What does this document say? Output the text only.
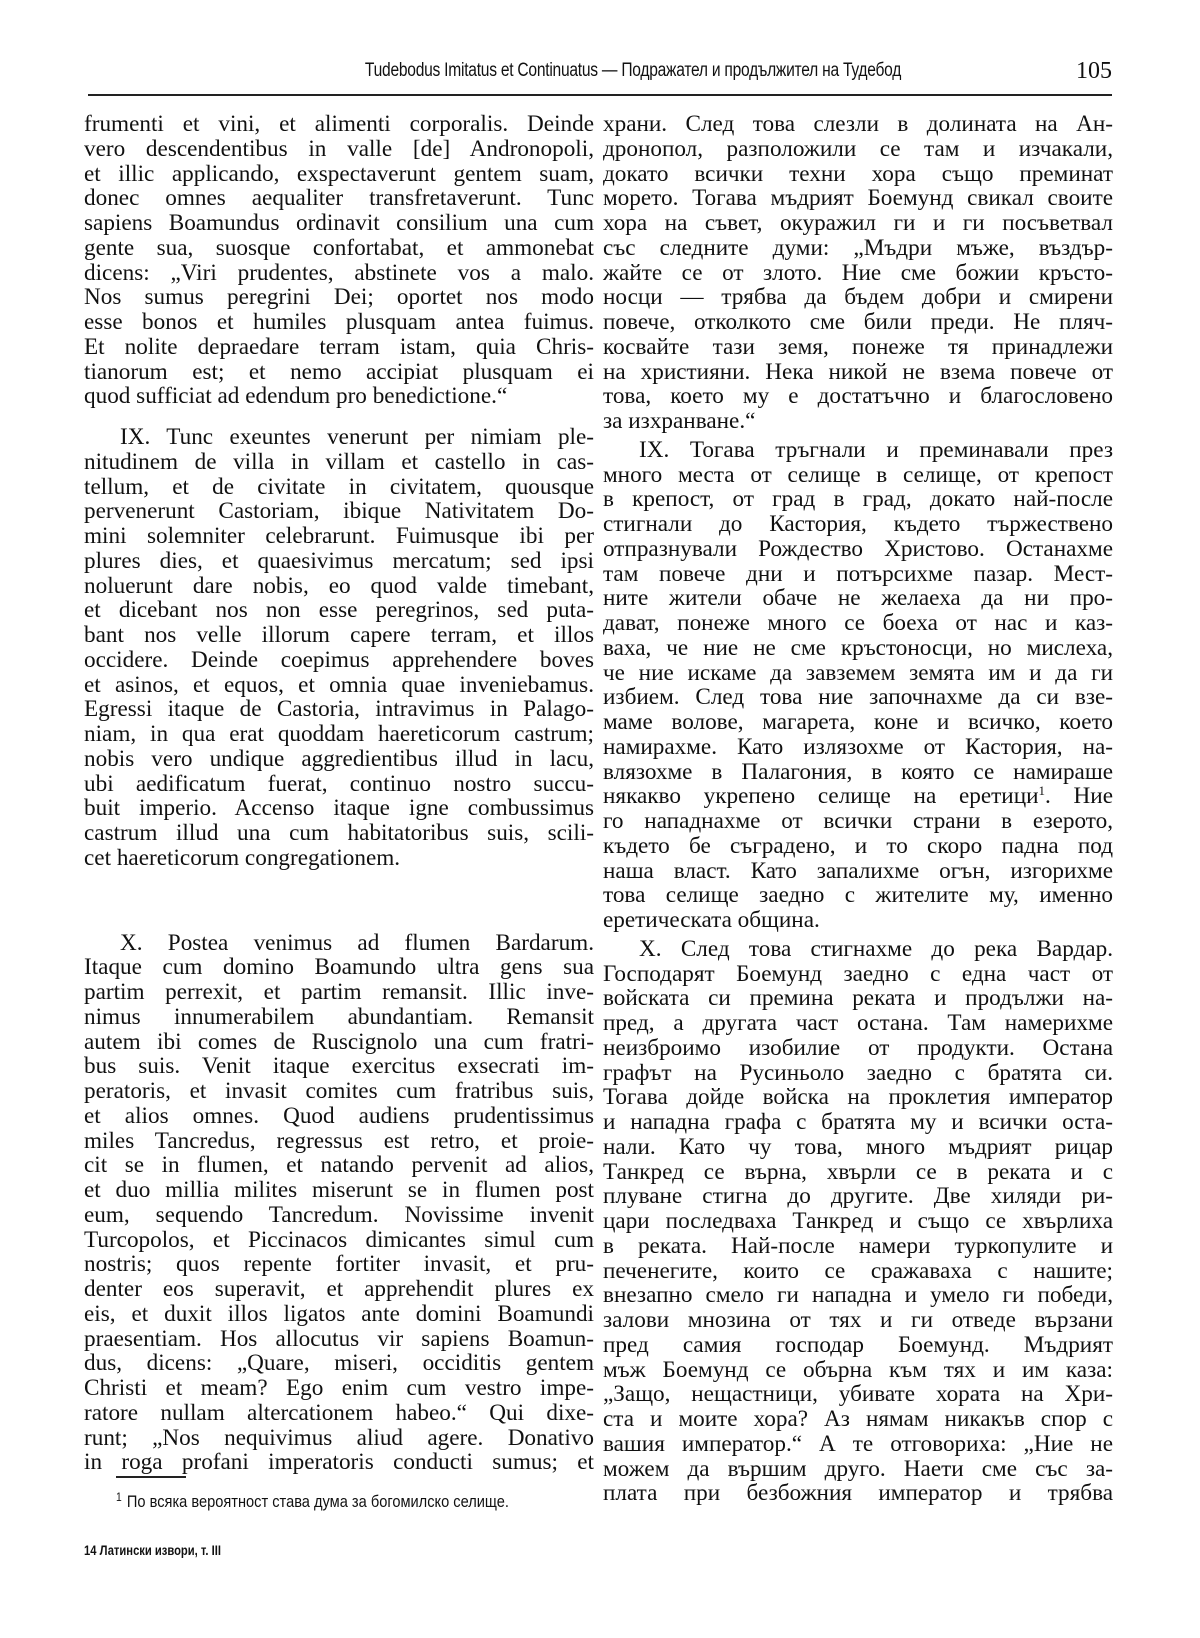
Tudebodus Imitatus et Continuatus — Подражател и продължител на Тудебод	105
frumenti et vini, et alimenti corporalis. Deinde
vero descendentibus in valle [de] Andronopoli,
et illic applicando, exspectaverunt gentem suam,
donec omnes aequaliter transfretaverunt. Tunc
sapiens Boamundus ordinavit consilium una cum
gente sua, suosque confortabat, et ammonebat
dicens: „Viri prudentes, abstinete vos a malo.
Nos sumus peregrini Dei; oportet nos modo
esse bonos et humiles plusquam antea fuimus.
Et nolite depraedare terram istam, quia Chris-
tianorum est; et nemo accipiat plusquam ei
quod sufficiat ad edendum pro benedictione.“
IX. Tunc exeuntes venerunt per nimiam ple-
nitudinem de villa in villam et castello in cas-
tellum, et de civitate in civitatem, quousque
pervenerunt Castoriam, ibique Nativitatem Do-
mini solemniter celebrarunt. Fuimusque ibi per
plures dies, et quaesivimus mercatum; sed ipsi
noluerunt dare nobis, eo quod valde timebant,
et dicebant nos non esse peregrinos, sed puta-
bant nos velle illorum capere terram, et illos
occidere. Deinde coepimus apprehendere boves
et asinos, et equos, et omnia quae inveniebamus.
Egressi itaque de Castoria, intravimus in Palago-
niam, in qua erat quoddam haereticorum castrum;
nobis vero undique aggredientibus illud in lacu,
ubi aedificatum fuerat, continuo nostro succu-
buit imperio. Accenso itaque igne combussimus
castrum illud una cum habitatoribus suis, scili-
cet haereticorum congregationem.
X. Postea venimus ad flumen Bardarum.
Itaque cum domino Boamundo ultra gens sua
partim perrexit, et partim remansit. Illic inve-
nimus innumerabilem abundantiam. Remansit
autem ibi comes de Ruscignolo una cum fratri-
bus suis. Venit itaque exercitus exsecrati im-
peratoris, et invasit comites cum fratribus suis,
et alios omnes. Quod audiens prudentissimus
miles Tancredus, regressus est retro, et proie-
cit se in flumen, et natando pervenit ad alios,
et duo millia milites miserunt se in flumen post
eum, sequendo Tancredum. Novissime invenit
Turcopolos, et Piccinacos dimicantes simul cum
nostris; quos repente fortiter invasit, et pru-
denter eos superavit, et apprehendit plures ex
eis, et duxit illos ligatos ante domini Boamundi
praesentiam. Hos allocutus vir sapiens Boamun-
dus, dicens: „Quare, miseri, occiditis gentem
Christi et meam? Ego enim cum vestro impe-
ratore nullam altercationem habeo.“ Qui dixe-
runt; „Nos nequivimus aliud agere. Donativo
in roga profani imperatoris conducti sumus; et
храни. След това слезли в долината на Ан-
дронопол, разположили се там и изчакали,
докато всички техни хора също преминат
морето. Тогава мъдрият Боемунд свикал своите
хора на съвет, окуражил ги и ги посъветвал
със следните думи: „Мъдри мъже, въздър-
жайте се от злото. Ние сме божии кръсто-
носци — трябва да бъдем добри и смирени
повече, отколкото сме били преди. Не пляч-
косвайте тази земя, понеже тя принадлежи
на християни. Нека никой не взема повече от
това, което му е достатъчно и благословено
за изхранване.“
IX. Тогава тръгнали и преминавали през
много места от селище в селище, от крепост
в крепост, от град в град, докато най-после
стигнали до Кастория, където тържествено
отпразнували Рождество Христово. Останахме
там повече дни и потърсихме пазар. Мест-
ните жители обаче не желаеха да ни про-
дават, понеже много се боеха от нас и каз-
ваха, че ние не сме кръстоносци, но мислеха,
че ние искаме да завземем земята им и да ги
избием. След това ние започнахме да си взе-
маме волове, магарета, коне и всичко, което
намирахме. Като излязохме от Кастория, на-
влязохме в Палагония, в която се намираше
някакво укрепено селище на еретици$^1$. Ние
го нападнахме от всички страни в езерото,
където бе съградено, и то скоро падна под
наша власт. Като запалихме огън, изгорихме
това селище заедно с жителите му, именно
еретическата община.
X. След това стигнахме до река Вардар.
Господарят Боемунд заедно с една част от
войската си премина реката и продължи на-
пред, а другата част остана. Там намерихме
неизброимо изобилие от продукти. Остана
графът на Русиньоло заедно с братята си.
Тогава дойде войска на проклетия император
и нападна графа с братята му и всички оста-
нали. Като чу това, много мъдрият рицар
Танкред се върна, хвърли се в реката и с
плуване стигна до другите. Две хиляди ри-
цари последваха Танкред и също се хвърлиха
в реката. Най-после намери туркопулите и
печенегите, които се сражаваха с нашите;
внезапно смело ги нападна и умело ги победи,
залови мнозина от тях и ги отведе вързани
пред самия господар Боемунд. Мъдрият
мъж Боемунд се обърна към тях и им каза:
„Защо, нещастници, убивате хората на Хри-
ста и моите хора? Аз нямам никакъв спор с
вашия император.“ А те отговориха: „Ние не
можем да вършим друго. Наети сме със за-
плата при безбожния император и трябва
$^1$ По всяка вероятност става дума за богомилско селище.
14 Латински извори, т. III
